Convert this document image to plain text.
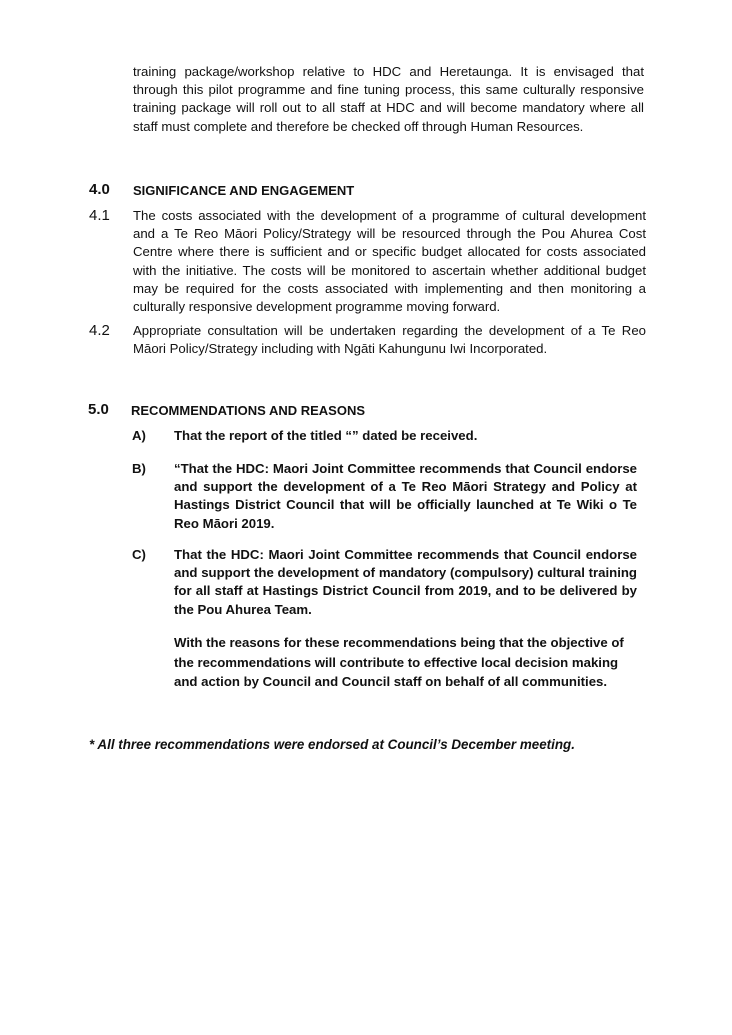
training package/workshop relative to HDC and Heretaunga. It is envisaged that through this pilot programme and fine tuning process, this same culturally responsive training package will roll out to all staff at HDC and will become mandatory where all staff must complete and therefore be checked off through Human Resources.

4.0 SIGNIFICANCE AND ENGAGEMENT
4.1 The costs associated with the development of a programme of cultural development and a Te Reo Māori Policy/Strategy will be resourced through the Pou Ahurea Cost Centre where there is sufficient and or specific budget allocated for costs associated with the initiative. The costs will be monitored to ascertain whether additional budget may be required for the costs associated with implementing and then monitoring a culturally responsive development programme moving forward.

4.2 Appropriate consultation will be undertaken regarding the development of a Te Reo Māori Policy/Strategy including with Ngāti Kahungunu Iwi Incorporated.

5.0 RECOMMENDATIONS AND REASONS
A) That the report of the titled “” dated be received.

B) “That the HDC: Maori Joint Committee recommends that Council endorse and support the development of a Te Reo Māori Strategy and Policy at Hastings District Council that will be officially launched at Te Wiki o Te Reo Māori 2019.

C) That the HDC: Maori Joint Committee recommends that Council endorse and support the development of mandatory (compulsory) cultural training for all staff at Hastings District Council from 2019, and to be delivered by the Pou Ahurea Team.

With the reasons for these recommendations being that the objective of the recommendations will contribute to effective local decision making and action by Council and Council staff on behalf of all communities.

* All three recommendations were endorsed at Council’s December meeting.
